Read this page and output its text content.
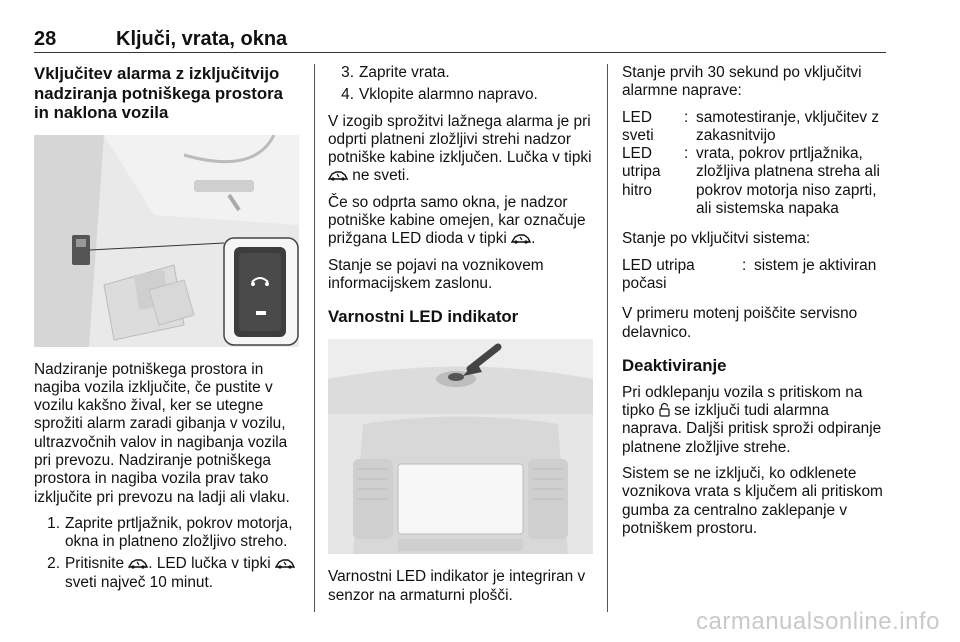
28	Ključi, vrata, okna
Vključitev alarma z izključitvijo nadziranja potniškega prostora in naklona vozila

Nadziranje potniškega prostora in nagiba vozila izključite, če pustite v vozilu kakšno žival, ker se utegne sprožiti alarm zaradi gibanja v vozilu, ultrazvočnih valov in nagibanja vozila pri prevozu. Nadziranje potniškega prostora in nagiba vozila prav tako izključite pri prevozu na ladji ali vlaku.

1. Zaprite prtljažnik, pokrov motorja, okna in platneno zložljivo streho.
2. Pritisnite . LED lučka v tipki  sveti največ 10 minut.
3. Zaprite vrata.
4. Vklopite alarmno napravo.

V izogib sprožitvi lažnega alarma je pri odprti platneni zložljivi strehi nadzor potniške kabine izključen. Lučka v tipki  ne sveti.

Če so odprta samo okna, je nadzor potniške kabine omejen, kar označuje prižgana LED dioda v tipki .

Stanje se pojavi na voznikovem informacijskem zaslonu.

Varnostni LED indikator

Varnostni LED indikator je integriran v senzor na armaturni plošči.

Stanje prvih 30 sekund po vključitvi alarmne naprave:

LED sveti
: samotestiranje, vključitev z zakasnitvijo
LED utripa hitro
: vrata, pokrov prtljažnika, zložljiva platnena streha ali pokrov motorja niso zaprti, ali sistemska napaka

Stanje po vključitvi sistema:

LED utripa počasi
: sistem je aktiviran

V primeru motenj poiščite servisno delavnico.

Deaktiviranje

Pri odklepanju vozila s pritiskom na tipko se izključi tudi alarmna naprava. Daljši pritisk sproži odpiranje platnene zložljive strehe.

Sistem se ne izključi, ko odklenete voznikova vrata s ključem ali pritiskom gumba za centralno zaklepanje v potniškem prostoru.

carmanualsonline.info
